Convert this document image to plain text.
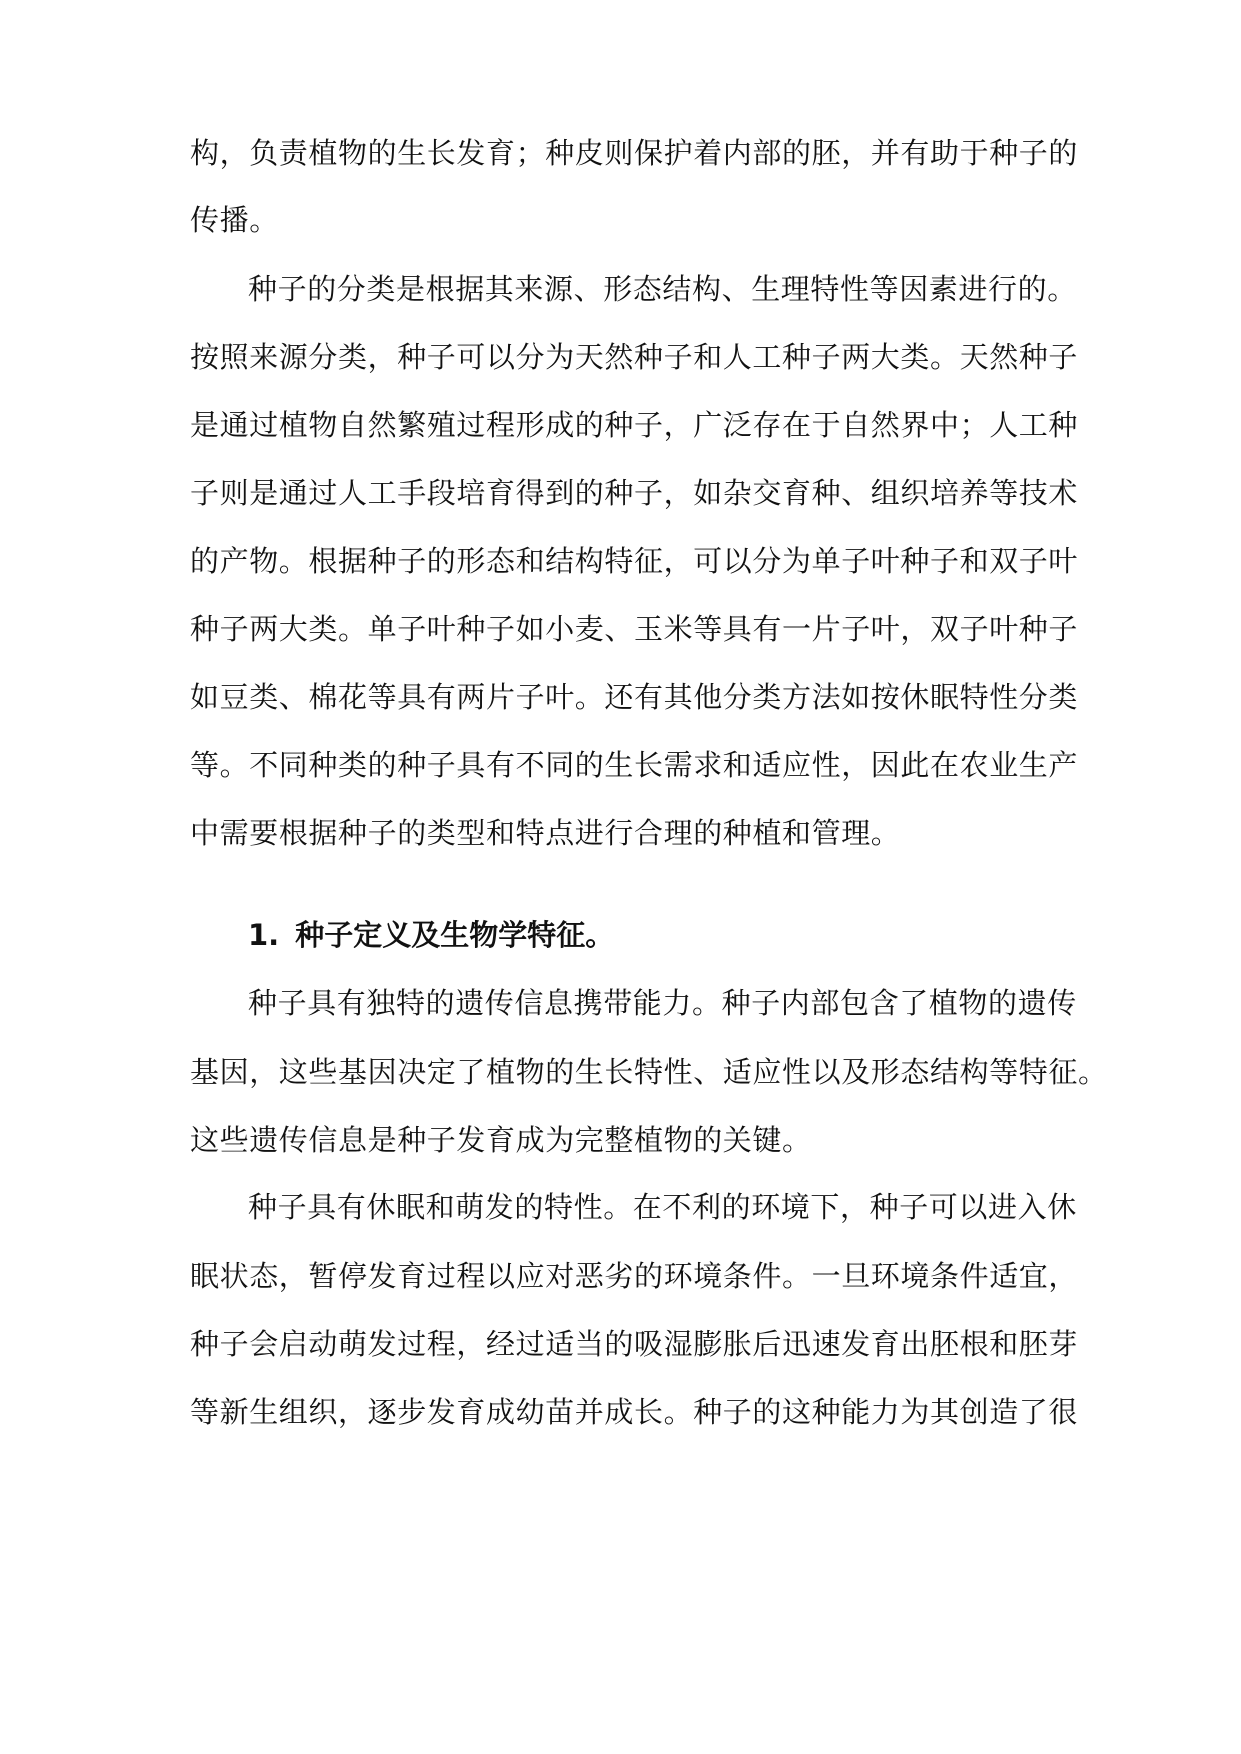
构，负责植物的生长发育；种皮则保护着内部的胚，并有助于种子的
传播。
种子的分类是根据其来源、形态结构、生理特性等因素进行的。
按照来源分类，种子可以分为天然种子和人工种子两大类。天然种子
是通过植物自然繁殖过程形成的种子，广泛存在于自然界中；人工种
子则是通过人工手段培育得到的种子，如杂交育种、组织培养等技术
的产物。根据种子的形态和结构特征，可以分为单子叶种子和双子叶
种子两大类。单子叶种子如小麦、玉米等具有一片子叶，双子叶种子
如豆类、棉花等具有两片子叶。还有其他分类方法如按休眠特性分类
等。不同种类的种子具有不同的生长需求和适应性，因此在农业生产
中需要根据种子的类型和特点进行合理的种植和管理。
1. 种子定义及生物学特征。
种子具有独特的遗传信息携带能力。种子内部包含了植物的遗传
基因，这些基因决定了植物的生长特性、适应性以及形态结构等特征。
这些遗传信息是种子发育成为完整植物的关键。
种子具有休眠和萌发的特性。在不利的环境下，种子可以进入休
眠状态，暂停发育过程以应对恶劣的环境条件。一旦环境条件适宜，
种子会启动萌发过程，经过适当的吸湿膨胀后迅速发育出胚根和胚芽
等新生组织，逐步发育成幼苗并成长。种子的这种能力为其创造了很
